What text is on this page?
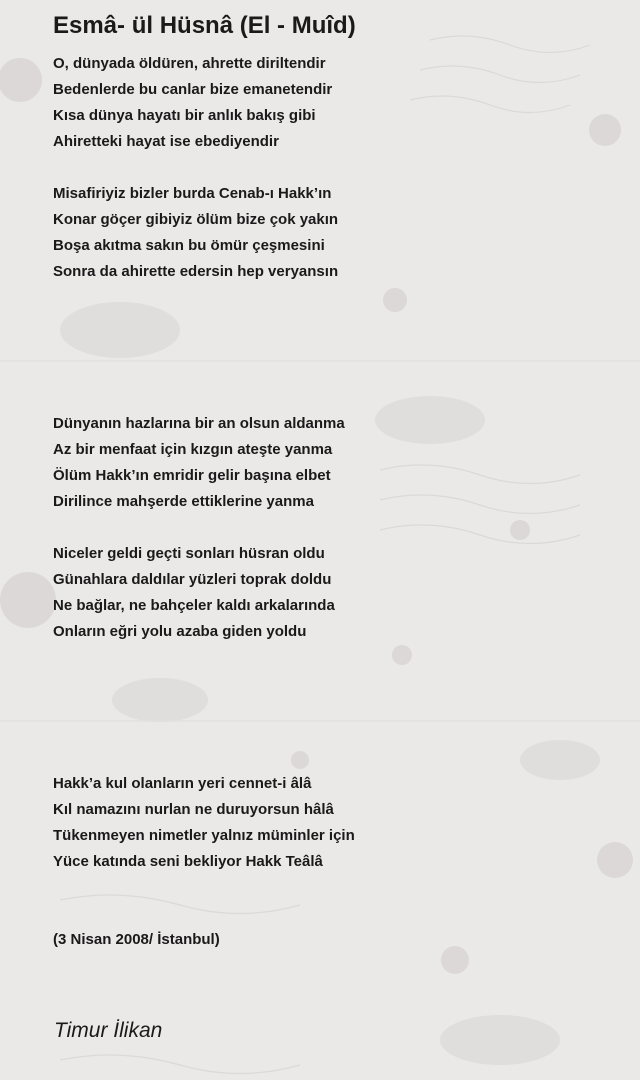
Esmâ- ül Hüsnâ (El - Muîd)
O, dünyada öldüren, ahrette diriltendir
Bedenlerde bu canlar bize emanetendir
Kısa dünya hayatı bir anlık bakış gibi
Ahiretteki hayat ise ebediyendir
Misafiriyiz bizler burda Cenab-ı Hakk’ın
Konar göçer gibiyiz ölüm bize çok yakın
Boşa akıtma sakın bu ömür çeşmesini
Sonra da ahirette edersin hep veryansın
Dünyanın hazlarına bir an olsun aldanma
Az bir menfaat için kızgın ateşte yanma
Ölüm Hakk’ın emridir gelir başına elbet
Dirilince mahşerde ettiklerine yanma
Niceler geldi geçti sonları hüsran oldu
Günahlara daldılar yüzleri toprak doldu
Ne bağlar, ne bahçeler kaldı arkalarında
Onların eğri yolu azaba giden yoldu
Hakk’a kul olanların yeri cennet-i âlâ
Kıl namazını nurlan ne duruyorsun hâlâ
Tükenmeyen nimetler yalnız müminler için
Yüce katında seni bekliyor Hakk Teâlâ
(3 Nisan 2008/ İstanbul)
Timur İlikan
